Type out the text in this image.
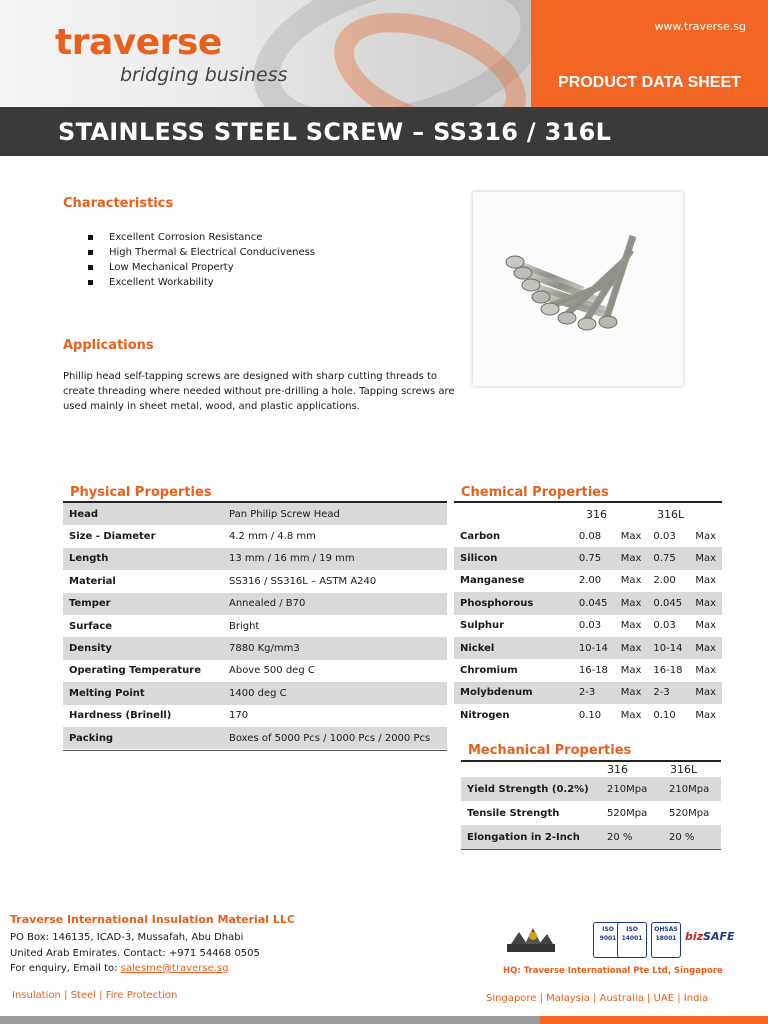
traverse
bridging business
www.traverse.sg
PRODUCT DATA SHEET
STAINLESS STEEL SCREW – SS316 / 316L
Characteristics
Excellent Corrosion Resistance
High Thermal & Electrical Conduciveness
Low Mechanical Property
Excellent Workability
Applications
Phillip head self-tapping screws are designed with sharp cutting threads to create threading where needed without pre-drilling a hole. Tapping screws are used mainly in sheet metal, wood, and plastic applications.
Physical Properties
Head	Pan Philip Screw Head
Size - Diameter	4.2 mm / 4.8 mm
Length	13 mm / 16 mm / 19 mm
Material	SS316 / SS316L – ASTM A240
Temper	Annealed / B70
Surface	Bright
Density	7880 Kg/mm3
Operating Temperature	Above 500 deg C
Melting Point	1400 deg C
Hardness (Brinell)	170
Packing	Boxes of 5000 Pcs / 1000 Pcs / 2000 Pcs
Chemical Properties
316	316L
Carbon	0.08	Max	0.03	Max
Silicon	0.75	Max	0.75	Max
Manganese	2.00	Max	2.00	Max
Phosphorous	0.045	Max	0.045	Max
Sulphur	0.03	Max	0.03	Max
Nickel	10-14	Max	10-14	Max
Chromium	16-18	Max	16-18	Max
Molybdenum	2-3	Max	2-3	Max
Nitrogen	0.10	Max	0.10	Max
Mechanical Properties
316	316L
Yield Strength (0.2%)	210Mpa	210Mpa
Tensile Strength	520Mpa	520Mpa
Elongation in 2-Inch	20 %	20 %
Traverse International Insulation Material LLC
PO Box: 146135, ICAD-3, Mussafah, Abu Dhabi
United Arab Emirates. Contact: +971 54468 0505
For enquiry, Email to: salesme@traverse.sg
Insulation | Steel | Fire Protection
ISO
9001
ISO
14001
OHSAS
18001 bizSAFE
HQ: Traverse International Pte Ltd, Singapore
Singapore | Malaysia | Australia | UAE | India
